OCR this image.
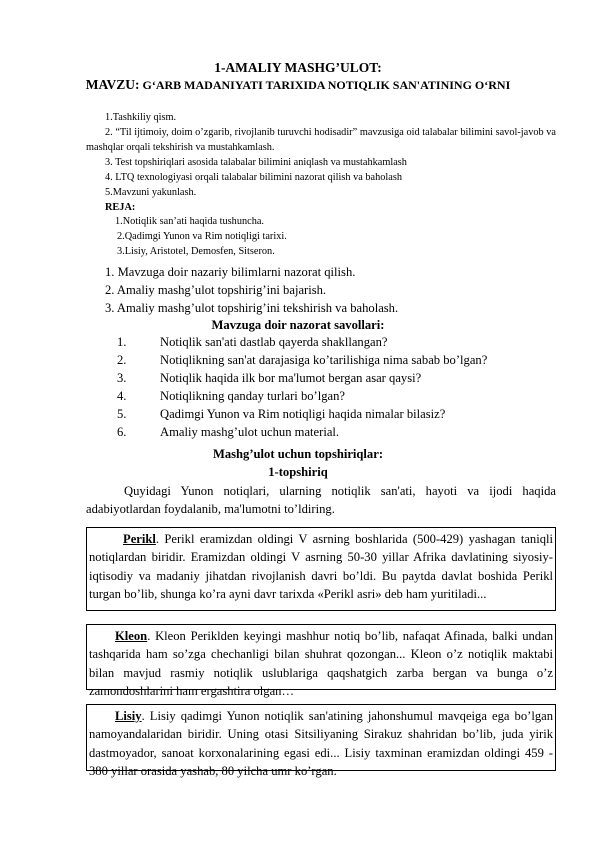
1-AMALIY MASHG’ULOT:
MAVZU: G‘ARB MADANIYATI TARIXIDA NOTIQLIK SAN'ATINING O‘RNI
1.Tashkiliy qism.
2. “Til ijtimoiy, doim o’zgarib, rivojlanib turuvchi hodisadir” mavzusiga oid talabalar bilimini savol-javob va mashqlar orqali tekshirish va mustahkamlash.
3. Test topshiriqlari asosida talabalar bilimini aniqlash va mustahkamlash
4. LTQ texnologiyasi orqali talabalar bilimini nazorat qilish va baholash
5.Mavzuni yakunlash.
REJA:
1.Notiqlik san’ati haqida tushuncha.
2.Qadimgi Yunon va Rim notiqligi tarixi.
3.Lisiy, Aristotel, Demosfen, Sitseron.
1. Mavzuga doir nazariy bilimlarni nazorat qilish.
2. Amaliy mashg’ulot topshirig’ini bajarish.
3. Amaliy mashg’ulot topshirig’ini tekshirish va baholash.
Mavzuga doir nazorat savollari:
1.	Notiqlik san'ati dastlab qayerda shakllangan?
2.	Notiqlikning san'at darajasiga ko’tarilishiga nima sabab bo’lgan?
3.	Notiqlik haqida ilk bor ma'lumot bergan asar qaysi?
4.	Notiqlikning qanday turlari bo’lgan?
5.	Qadimgi Yunon va Rim notiqligi haqida nimalar bilasiz?
6.	Amaliy mashg’ulot uchun material.
Mashg’ulot uchun topshiriqlar:
1-topshiriq
Quyidagi Yunon notiqlari, ularning notiqlik san'ati, hayoti va ijodi haqida adabiyotlardan foydalanib, ma'lumotni to’ldiring.

Perikl. Perikl eramizdan oldingi V asrning boshlarida (500-429) yashagan taniqli notiqlardan biridir. Eramizdan oldingi V asrning 50-30 yillar Afrika davlatining siyosiy-iqtisodiy va madaniy jihatdan rivojlanish davri bo’ldi. Bu paytda davlat boshida Perikl turgan bo’lib, shunga ko’ra ayni davr tarixda «Perikl asri» deb ham yuritiladi...

Kleon. Kleon Periklden keyingi mashhur notiq bo’lib, nafaqat Afinada, balki undan tashqarida ham so’zga chechanligi bilan shuhrat qozongan... Kleon o’z notiqlik maktabi bilan mavjud rasmiy notiqlik uslublariga qaqshatgich zarba bergan va bunga o’z zamondoshlarini ham ergashtira olgan…

Lisiy. Lisiy qadimgi Yunon notiqlik san'atining jahonshumul mavqeiga ega bo’lgan namoyandalaridan biridir. Uning otasi Sitsiliyaning Sirakuz shahridan bo’lib, juda yirik dastmoyador, sanoat korxonalarining egasi edi... Lisiy taxminan eramizdan oldingi 459 - 380 yillar orasida yashab, 80 yilcha umr ko’rgan.
